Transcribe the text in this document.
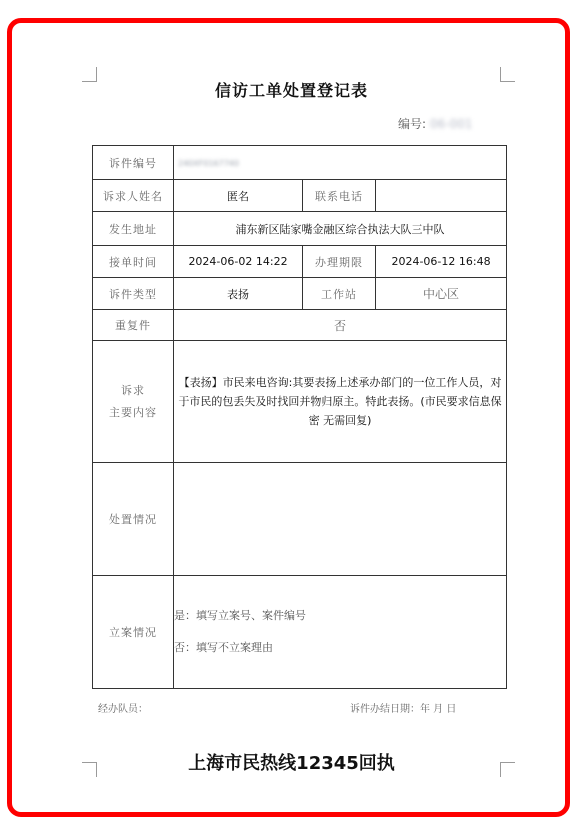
信访工单处置登记表
编号: 06-001
诉件编号	240XF0167740		
诉求人姓名	匿名	联系电话	
发生地址	浦东新区陆家嘴金融区综合执法大队三中队		
接单时间	2024-06-02 14:22	办理期限	2024-06-12 16:48
诉件类型	表扬	工作站	中心区
重复件	否		

诉求
主要内容	【表扬】市民来电咨询:其要表扬上述承办部门的一位工作人员，对于市民的包丢失及时找回并物归原主。特此表扬。(市民要求信息保密 无需回复)		
处置情况			
立案情况	是：填写立案号、案件编号
否：填写不立案理由		
经办队员：	诉件办结日期：年 月 日
上海市民热线12345回执
